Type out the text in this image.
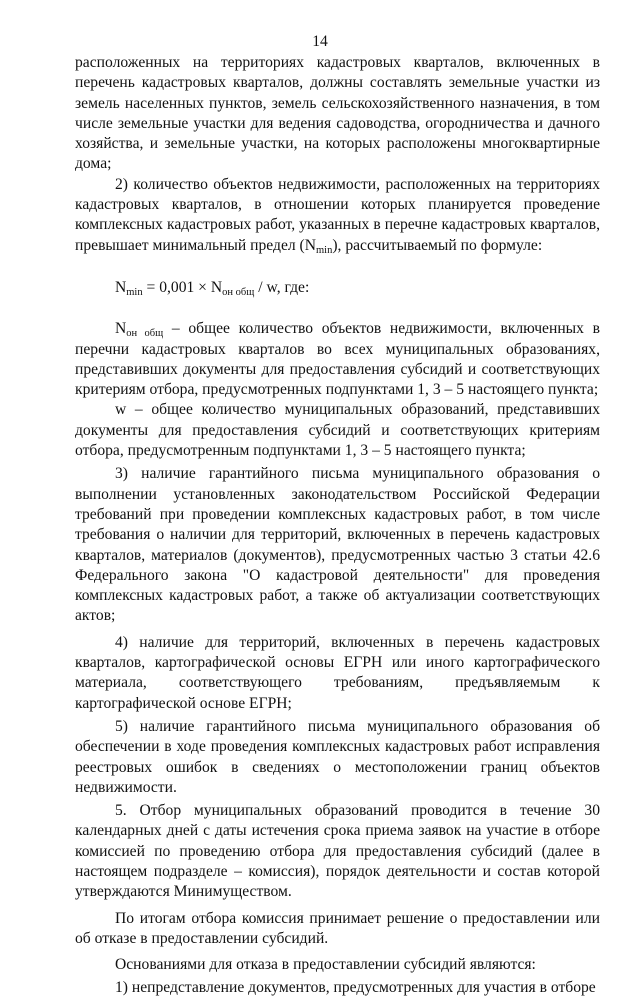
14

расположенных на территориях кадастровых кварталов, включенных в перечень кадастровых кварталов, должны составлять земельные участки из земель населенных пунктов, земель сельскохозяйственного назначения, в том числе земельные участки для ведения садоводства, огородничества и дачного хозяйства, и земельные участки, на которых расположены многоквартирные дома;

2) количество объектов недвижимости, расположенных на территориях кадастровых кварталов, в отношении которых планируется проведение комплексных кадастровых работ, указанных в перечне кадастровых кварталов, превышает минимальный предел $(N_{min})$, рассчитываемый по формуле:

$N_{min} = 0,001 \times N_{он общ} / w$, где:

$N_{он общ}$ – общее количество объектов недвижимости, включенных в перечни кадастровых кварталов во всех муниципальных образованиях, представивших документы для предоставления субсидий и соответствующих критериям отбора, предусмотренных подпунктами 1, 3 – 5 настоящего пункта;

w – общее количество муниципальных образований, представивших документы для предоставления субсидий и соответствующих критериям отбора, предусмотренным подпунктами 1, 3 – 5 настоящего пункта;

3) наличие гарантийного письма муниципального образования о выполнении установленных законодательством Российской Федерации требований при проведении комплексных кадастровых работ, в том числе требования о наличии для территорий, включенных в перечень кадастровых кварталов, материалов (документов), предусмотренных частью 3 статьи 42.6 Федерального закона "О кадастровой деятельности" для проведения комплексных кадастровых работ, а также об актуализации соответствующих актов;

4) наличие для территорий, включенных в перечень кадастровых кварталов, картографической основы ЕГРН или иного картографического материала, соответствующего требованиям, предъявляемым к картографической основе ЕГРН;

5) наличие гарантийного письма муниципального образования об обеспечении в ходе проведения комплексных кадастровых работ исправления реестровых ошибок в сведениях о местоположении границ объектов недвижимости.

5. Отбор муниципальных образований проводится в течение 30 календарных дней с даты истечения срока приема заявок на участие в отборе комиссией по проведению отбора для предоставления субсидий (далее в настоящем подразделе – комиссия), порядок деятельности и состав которой утверждаются Минимуществом.

По итогам отбора комиссия принимает решение о предоставлении или об отказе в предоставлении субсидий.

Основаниями для отказа в предоставлении субсидий являются:

1) непредставление документов, предусмотренных для участия в отборе
